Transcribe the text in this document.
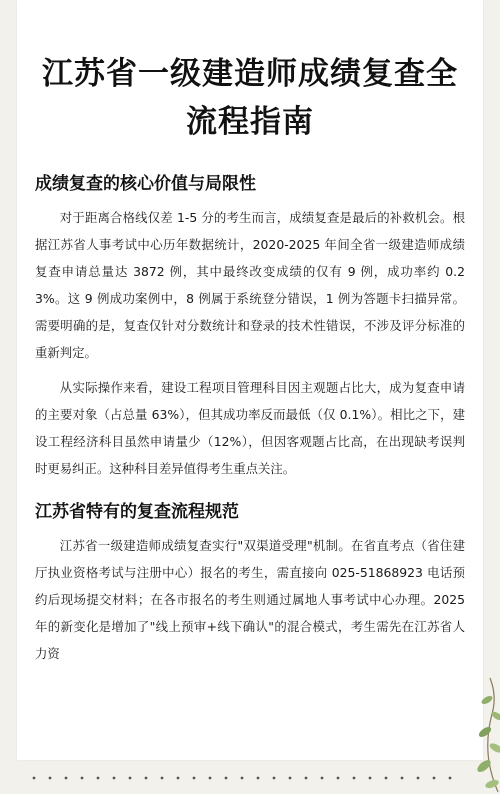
江苏省一级建造师成绩复查全
流程指南
成绩复查的核心价值与局限性

对于距离合格线仅差 1-5 分的考生而言，成绩复查是最后的补救机会。根据江苏省人事考试中心历年数据统计，2020-2025 年间全省一级建造师成绩复查申请总量达 3872 例，其中最终改变成绩的仅有 9 例，成功率约 0.23%。这 9 例成功案例中，8 例属于系统登分错误，1 例为答题卡扫描异常。需要明确的是，复查仅针对分数统计和登录的技术性错误，不涉及评分标准的重新判定。

从实际操作来看，建设工程项目管理科目因主观题占比大，成为复查申请的主要对象（占总量 63%），但其成功率反而最低（仅 0.1%）。相比之下，建设工程经济科目虽然申请量少（12%），但因客观题占比高，在出现缺考误判时更易纠正。这种科目差异值得考生重点关注。

江苏省特有的复查流程规范

江苏省一级建造师成绩复查实行"双渠道受理"机制。在省直考点（省住建厅执业资格考试与注册中心）报名的考生，需直接向 025-51868923 电话预约后现场提交材料；在各市报名的考生则通过属地人事考试中心办理。2025 年的新变化是增加了"线上预审+线下确认"的混合模式，考生需先在江苏省人力资
